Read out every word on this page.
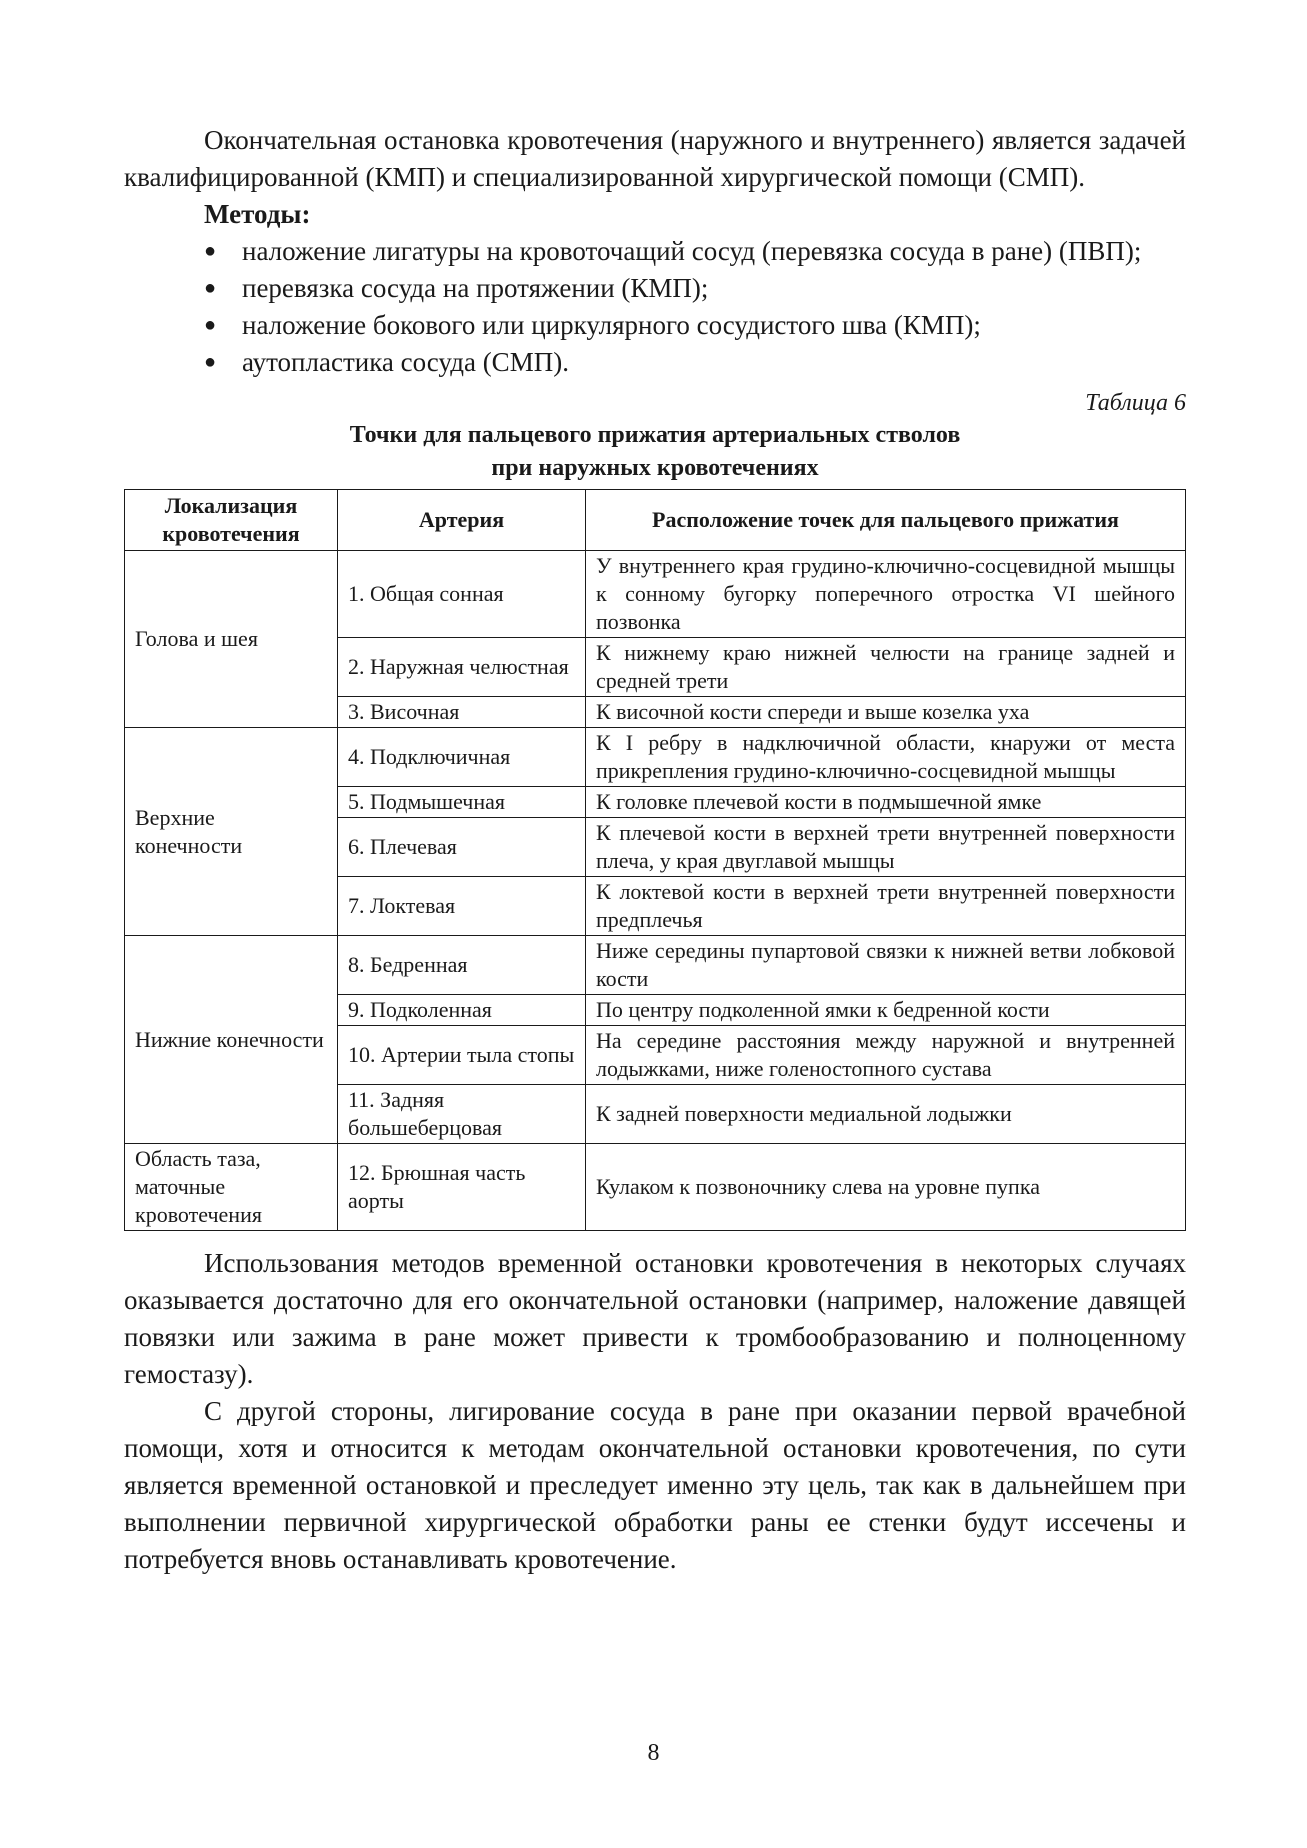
Окончательная остановка кровотечения (наружного и внутреннего) является задачей квалифицированной (КМП) и специализированной хирургической помощи (СМП).

Методы:
● наложение лигатуры на кровоточащий сосуд (перевязка сосуда в ране) (ПВП);
● перевязка сосуда на протяжении (КМП);
● наложение бокового или циркулярного сосудистого шва (КМП);
● аутопластика сосуда (СМП).
Таблица 6
Точки для пальцевого прижатия артериальных стволов
при наружных кровотечениях
Локализация кровотечения	Артерия	Расположение точек для пальцевого прижатия
Голова и шея	1. Общая сонная	У внутреннего края грудино-ключично-сосцевидной мышцы к сонному бугорку поперечного отростка VI шейного позвонка
	2. Наружная челюстная	К нижнему краю нижней челюсти на границе задней и средней трети
	3. Височная	К височной кости спереди и выше козелка уха
Верхние конечности	4. Подключичная	К I ребру в надключичной области, кнаружи от места прикрепления грудино-ключично-сосцевидной мышцы
	5. Подмышечная	К головке плечевой кости в подмышечной ямке
	6. Плечевая	К плечевой кости в верхней трети внутренней поверхности плеча, у края двуглавой мышцы
	7. Локтевая	К локтевой кости в верхней трети внутренней поверхности предплечья
Нижние конечности	8. Бедренная	Ниже середины пупартовой связки к нижней ветви лобковой кости
	9. Подколенная	По центру подколенной ямки к бедренной кости
	10. Артерии тыла стопы	На середине расстояния между наружной и внутренней лодыжками, ниже голеностопного сустава
	11. Задняя большеберцовая	К задней поверхности медиальной лодыжки
Область таза, маточные кровотечения	12. Брюшная часть аорты	Кулаком к позвоночнику слева на уровне пупка

Использования методов временной остановки кровотечения в некоторых случаях оказывается достаточно для его окончательной остановки (например, наложение давящей повязки или зажима в ране может привести к тромбообразованию и полноценному гемостазу).

С другой стороны, лигирование сосуда в ране при оказании первой врачебной помощи, хотя и относится к методам окончательной остановки кровотечения, по сути является временной остановкой и преследует именно эту цель, так как в дальнейшем при выполнении первичной хирургической обработки раны ее стенки будут иссечены и потребуется вновь останавливать кровотечение.

8
